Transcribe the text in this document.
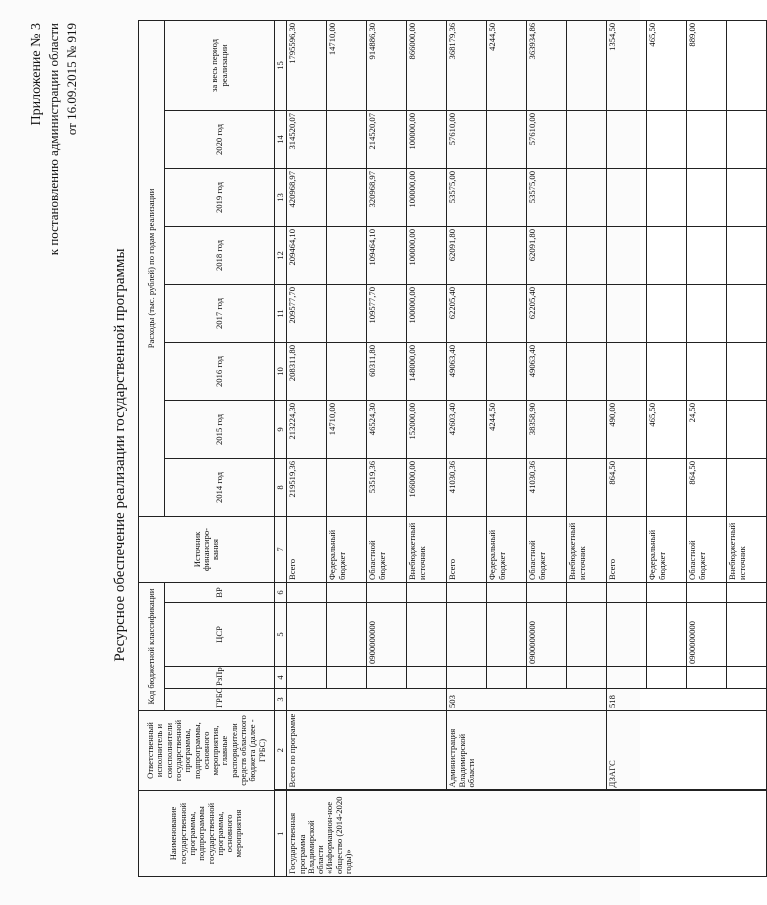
Приложение № 3 к постановлению администрации области от 16.09.2015 № 919
Ресурсное обеспечение реализации государственной программы
Наименование государственной программы, подпрограммы государственной программы, основного мероприятия	Ответственный исполнитель и соисполнители государственной программы, подпрограммы, основного мероприятия, главные распорядители средств областного бюджета (далее - ГРБС)	Код бюджетной классификации				Источник финансиро-вания	Расходы (тыс. рублей) по годам реализации							
		ГРБС	РзПр	ЦСР	ВР		2014 год	2015 год	2016 год	2017 год	2018 год	2019 год	2020 год	за весь период реализации
1	2	3	4	5	6	7	8	9	10	11	12	13	14	15
Государственная программа Владимирской области «Информацион-ное общество (2014-2020 годы)»	Всего по программе					Всего	219519,36	213224,30	208311,80	209577,70	209464,10	420968,97	314520,07	1795596,30
						Федеральный бюджет		14710,00						14710,00
				0900000000		Областной бюджет	53519,36	46524,30	60311,80	109577,70	109464,10	320968,97	214520,07	914886,30
						Внебюджетный источник	166000,00	152000,00	148000,00	100000,00	100000,00	100000,00	100000,00	866000,00
	Администрация Владимирской области	503				Всего	41030,36	42603,40	49063,40	62205,40	62091,80	53575,00	57610,00	368179,36
						Федеральный бюджет		4244,50						4244,50
				0900000000		Областной бюджет	41030,36	38358,90	49063,40	62205,40	62091,80	53575,00	57610,00	363934,86
						Внебюджетный источник								
	ДЗАГС	518				Всего	864,50	490,00						1354,50
						Федеральный бюджет		465,50						465,50
				0900000000		Областной бюджет	864,50	24,50						889,00
						Внебюджетный источник								
